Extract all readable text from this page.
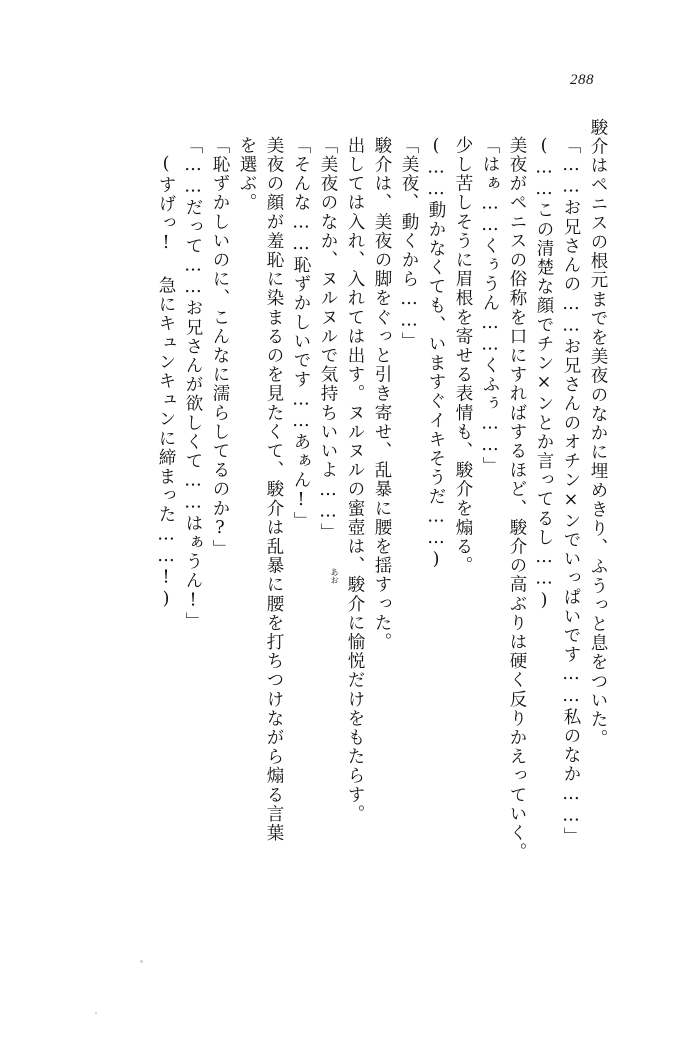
288
駿介はペニスの根元までを美夜のなかに埋めきり、ふうっと息をついた。
「……お兄さんの……お兄さんのオチン×ンでいっぱいです……私のなか……」
(……この清楚な顔でチン×ンとか言ってるし……)
美夜がペニスの俗称を口にすればするほど、駿介の高ぶりは硬く反りかえっていく。
「はぁ……くぅうん……くふぅ……」
少し苦しそうに眉根を寄せる表情も、駿介を煽る。
(……動かなくても、いますぐイキそうだ……)
「美夜、動くから……」
駿介は、美夜の脚をぐっと引き寄せ、乱暴に腰を揺すった。
出しては入れ、入れては出す。ヌルヌルの蜜壺は、駿介に愉悦だけをもたらす。
「美夜のなか、ヌルヌルで気持ちいいよ……」
「そんな……恥ずかしいです……あぁん!」
美夜の顔が羞恥に染まるのを見たくて、駿介は乱暴に腰を打ちつけながら煽る言葉
を選ぶ。
「恥ずかしいのに、こんなに濡らしてるのか?」
「……だって……お兄さんが欲しくて……はぁうん!」
(すげっ! 急にキュンキュンに締まった……!)	あお
